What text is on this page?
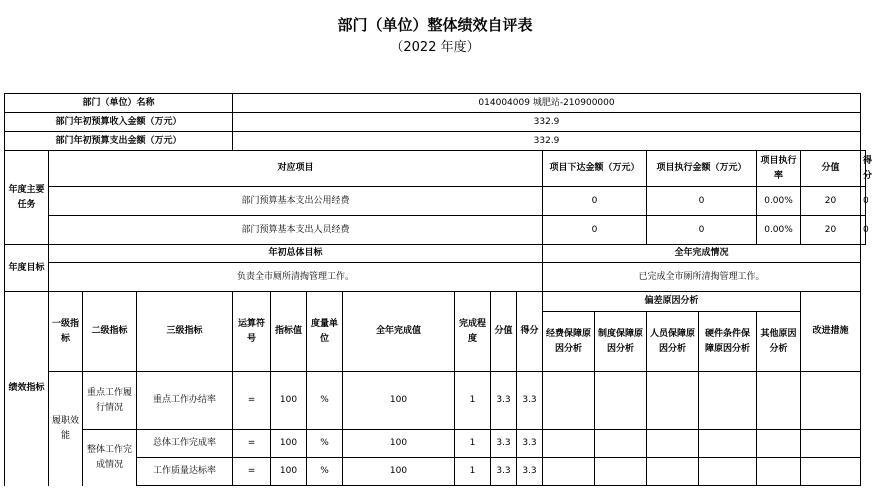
部门（单位）整体绩效自评表
（2022 年度）
部门（单位）名称				014004009 城肥站-210900000													
部门年初预算收入金额（万元）				332.9													
部门年初预算支出金额（万元）				332.9													
年度主要任务	对应项目										项目下达金额（万元）		项目执行金额（万元）		项目执行率	分值	得分
	部门预算基本支出公用经费										0		0		0.00%	20	0
	部门预算基本支出人员经费										0		0		0.00%	20	0
年度目标	年初总体目标										全年完成情况						
	负责全市厕所清掏管理工作。										已完成全市厕所清掏管理工作。						
绩效指标	一级指标	二级指标	三级指标	运算符号	指标值	度量单位	全年完成值	完成程度	分值	得分	偏差原因分析					改进措施	
											经费保障原因分析	制度保障原因分析	人员保障原因分析	硬件条件保障原因分析	其他原因分析		
	履职效能	重点工作履行情况	重点工作办结率	=	100	%	100	1	3.3	3.3							
		整体工作完成情况	总体工作完成率	=	100	%	100	1	3.3	3.3							
			工作质量达标率	=	100	%	100	1	3.3	3.3							
